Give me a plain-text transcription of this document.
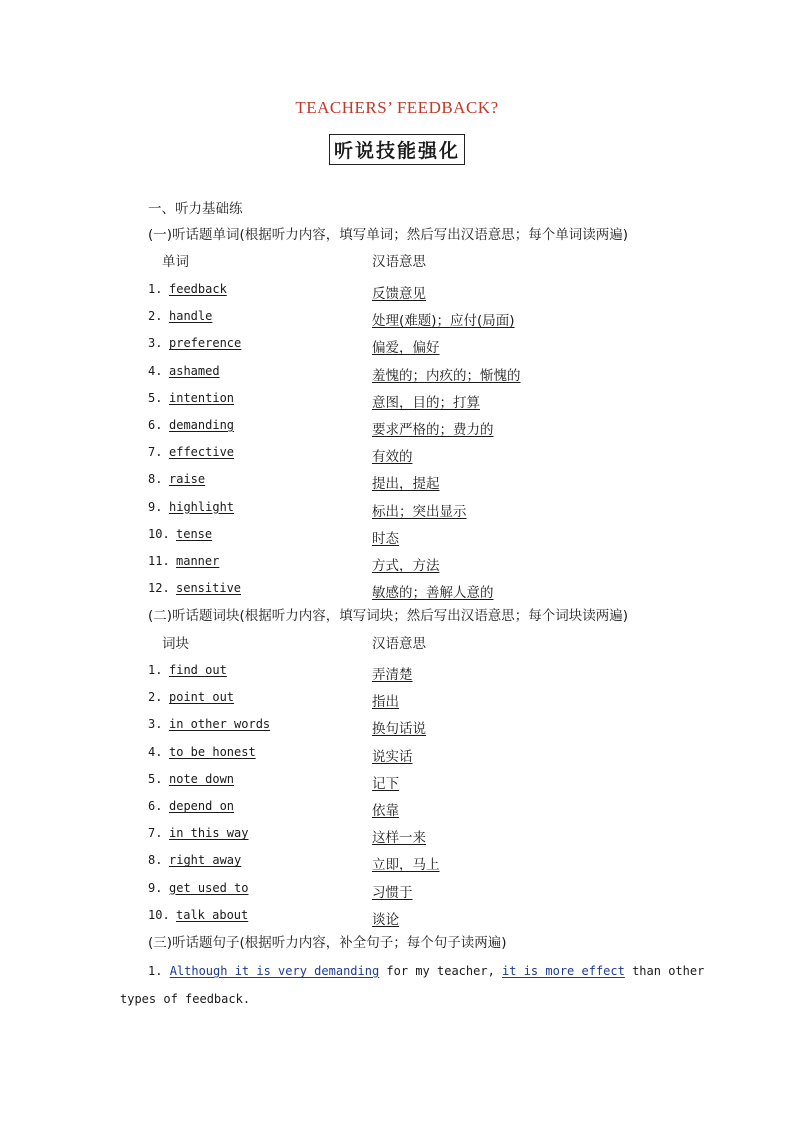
TEACHERS’ FEEDBACK?
听说技能强化
一、听力基础练
(一)听话题单词(根据听力内容，填写单词；然后写出汉语意思；每个单词读两遍)
单词	汉语意思
1. feedback	反馈意见
2. handle	处理(难题)；应付(局面)
3. preference	偏爱，偏好
4. ashamed	羞愧的；内疚的；惭愧的
5. intention	意图，目的；打算
6. demanding	要求严格的；费力的
7. effective	有效的
8. raise	提出，提起
9. highlight	标出；突出显示
10. tense	时态
11. manner	方式，方法
12. sensitive	敏感的；善解人意的
(二)听话题词块(根据听力内容，填写词块；然后写出汉语意思；每个词块读两遍)
词块	汉语意思
1. find out	弄清楚
2. point out	指出
3. in other words	换句话说
4. to be honest	说实话
5. note down	记下
6. depend on	依靠
7. in this way	这样一来
8. right away	立即，马上
9. get used to	习惯于
10. talk about	谈论
(三)听话题句子(根据听力内容，补全句子；每个句子读两遍)
1. Although it is very demanding for my teacher, it is more effect than other
types of feedback.
